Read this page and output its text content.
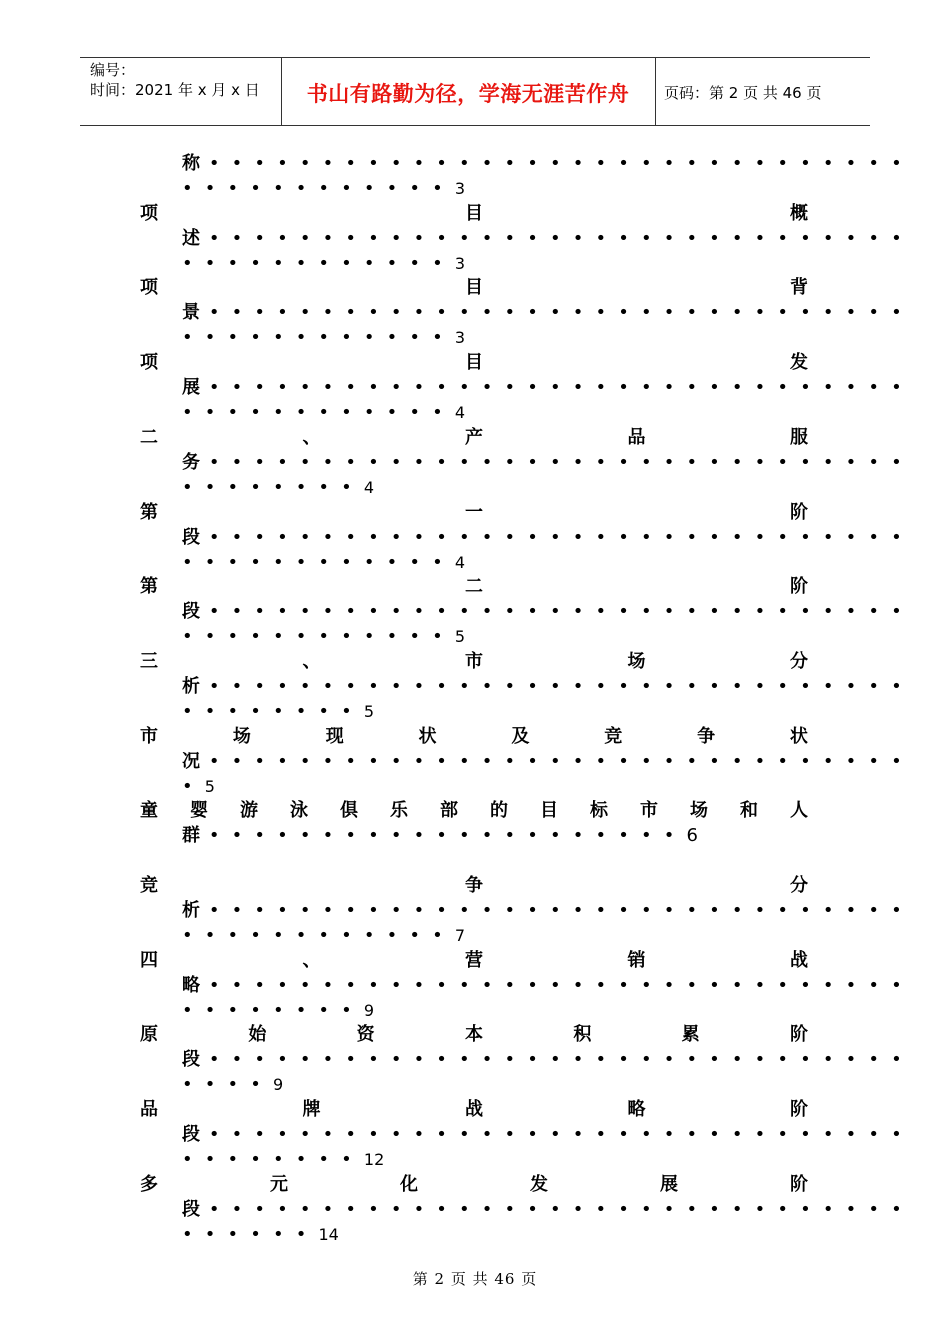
编号：
时间：2021 年 x 月 x 日	书山有路勤为径，学海无涯苦作舟	页码：第 2 页 共 46 页
称 • • • • • • • • • • • • • • • • • • • • • • • • • • • • • • •
• • • • • • • • • • • • 3
项	目	概
述 • • • • • • • • • • • • • • • • • • • • • • • • • • • • • • •
• • • • • • • • • • • • 3
项	目	背
景 • • • • • • • • • • • • • • • • • • • • • • • • • • • • • • •
• • • • • • • • • • • • 3
项	目	发
展 • • • • • • • • • • • • • • • • • • • • • • • • • • • • • • •
• • • • • • • • • • • • 4
二	、	产	品	服
务 • • • • • • • • • • • • • • • • • • • • • • • • • • • • • • •
• • • • • • • • 4
第	一	阶
段 • • • • • • • • • • • • • • • • • • • • • • • • • • • • • • •
• • • • • • • • • • • • 4
第	二	阶
段 • • • • • • • • • • • • • • • • • • • • • • • • • • • • • • •
• • • • • • • • • • • • 5
三	、	市	场	分
析 • • • • • • • • • • • • • • • • • • • • • • • • • • • • • • •
• • • • • • • • 5
市	场	现	状	及	竞	争	状
况 • • • • • • • • • • • • • • • • • • • • • • • • • • • • • • •
• 5
童 婴 游 泳 俱 乐 部 的 目 标 市 场 和 人
群 • • • • • • • • • • • • • • • • • • • • • 6
竞	争	分
析 • • • • • • • • • • • • • • • • • • • • • • • • • • • • • • •
• • • • • • • • • • • • 7
四	、	营	销	战
略 • • • • • • • • • • • • • • • • • • • • • • • • • • • • • • •
• • • • • • • • 9
原	始	资	本	积	累	阶
段 • • • • • • • • • • • • • • • • • • • • • • • • • • • • • • •
• • • • 9
品	牌	战	略	阶
段 • • • • • • • • • • • • • • • • • • • • • • • • • • • • • • •
• • • • • • • • 12
多	元	化	发	展	阶
段 • • • • • • • • • • • • • • • • • • • • • • • • • • • • • • •
• • • • • • 14
第 2 页 共 46 页
